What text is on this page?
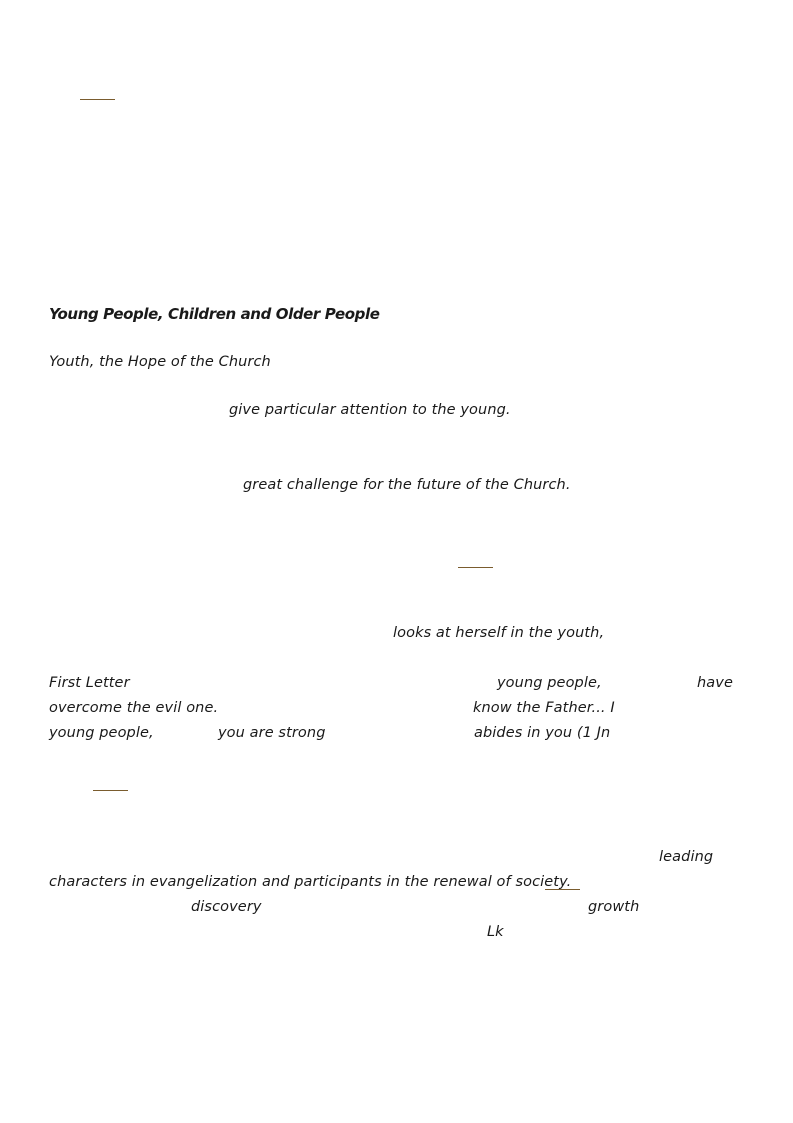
Young People, Children and Older People
Youth, the Hope of the Church
give particular attention to the young.
great challenge for the future of the Church.
looks at herself in the youth,
First Letter	young people,	have
overcome the evil one.	know the Father... I
young people,	you are strong	abides in you (1 Jn
leading
characters in evangelization and participants in the renewal of society.
discovery	growth
Lk
